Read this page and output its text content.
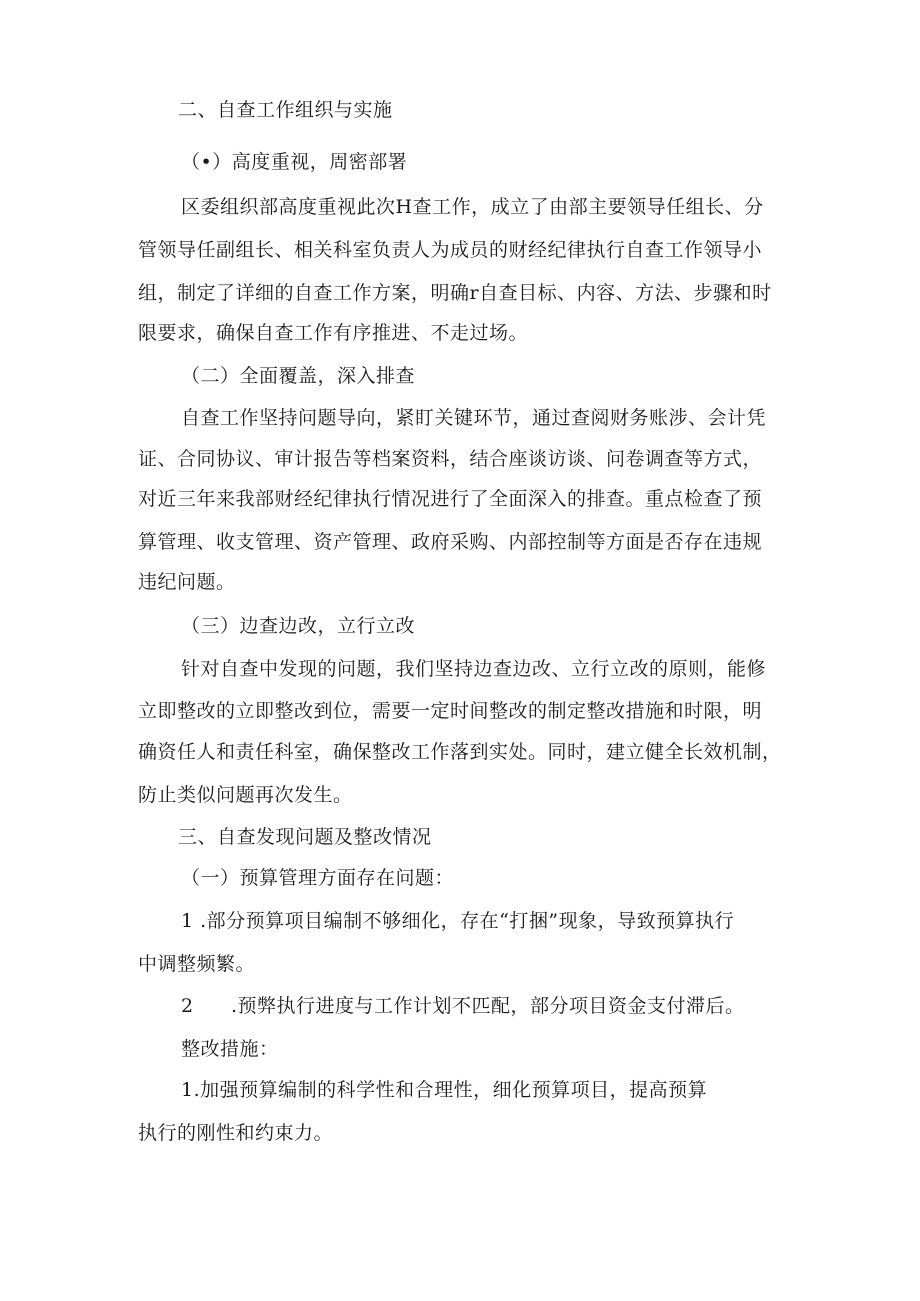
二、自查工作组织与实施
（•）高度重视，周密部署
区委组织部高度重视此次H查工作，成立了由部主要领导任组长、分
管领导任副组长、相关科室负责人为成员的财经纪律执行自查工作领导小
组，制定了详细的自查工作方案，明确r自查目标、内容、方法、步骤和时
限要求，确保自查工作有序推进、不走过场。
（二）全面覆盖，深入排查
自查工作坚持问题导向，紧盯关键环节，通过查阅财务账涉、会计凭
证、合同协议、审计报告等档案资料，结合座谈访谈、问卷调查等方式，
对近三年来我部财经纪律执行情况进行了全面深入的排查。重点检查了预
算管理、收支管理、资产管理、政府采购、内部控制等方面是否存在违规
违纪问题。
（三）边查边改，立行立改
针对自查中发现的问题，我们坚持边查边改、立行立改的原则，能修
立即整改的立即整改到位，需要一定时间整改的制定整改措施和时限，明
确资任人和责任科室，确保整改工作落到实处。同时，建立健全长效机制，
防止类似问题再次发生。
三、自查发现问题及整改情况
（一）预算管理方面存在问题：
1 .部分预算项目编制不够细化，存在“打捆”现象，导致预算执行
中调整频繁。
2 .预弊执行进度与工作计划不匹配，部分项目资金支付滞后。
整改措施：
1.加强预算编制的科学性和合理性，细化预算项目，提高预算
执行的刚性和约束力。
